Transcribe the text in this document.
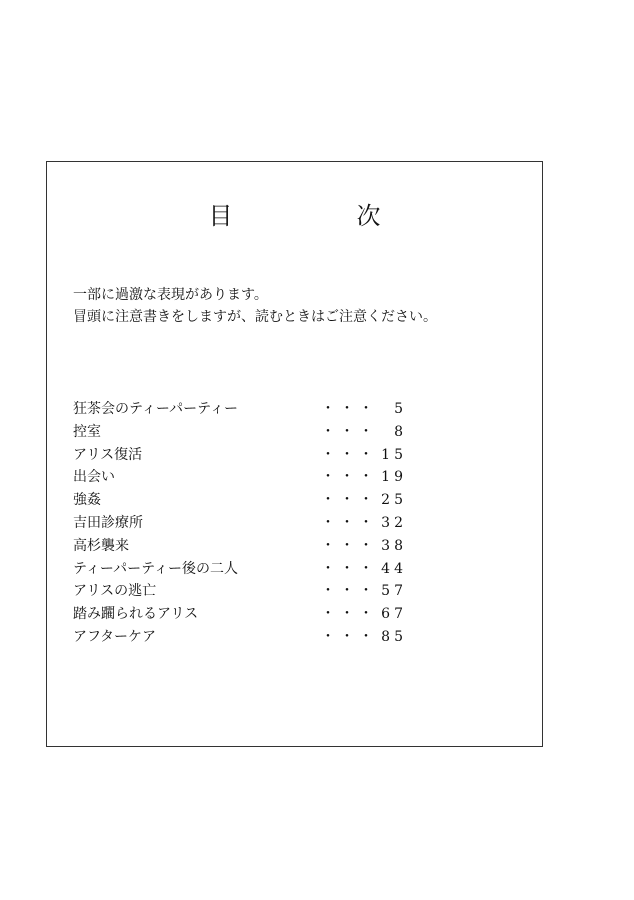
目　次
一部に過激な表現があります。
冒頭に注意書きをしますが、読むときはご注意ください。
狂茶会のティーパーティー	・・・ 5
控室	・・・ 8
アリス復活	・・・ 15
出会い	・・・ 19
強姦	・・・ 25
吉田診療所	・・・ 32
高杉襲来	・・・ 38
ティーパーティー後の二人	・・・ 44
アリスの逃亡	・・・ 57
踏み躙られるアリス	・・・ 67
アフターケア	・・・ 85
